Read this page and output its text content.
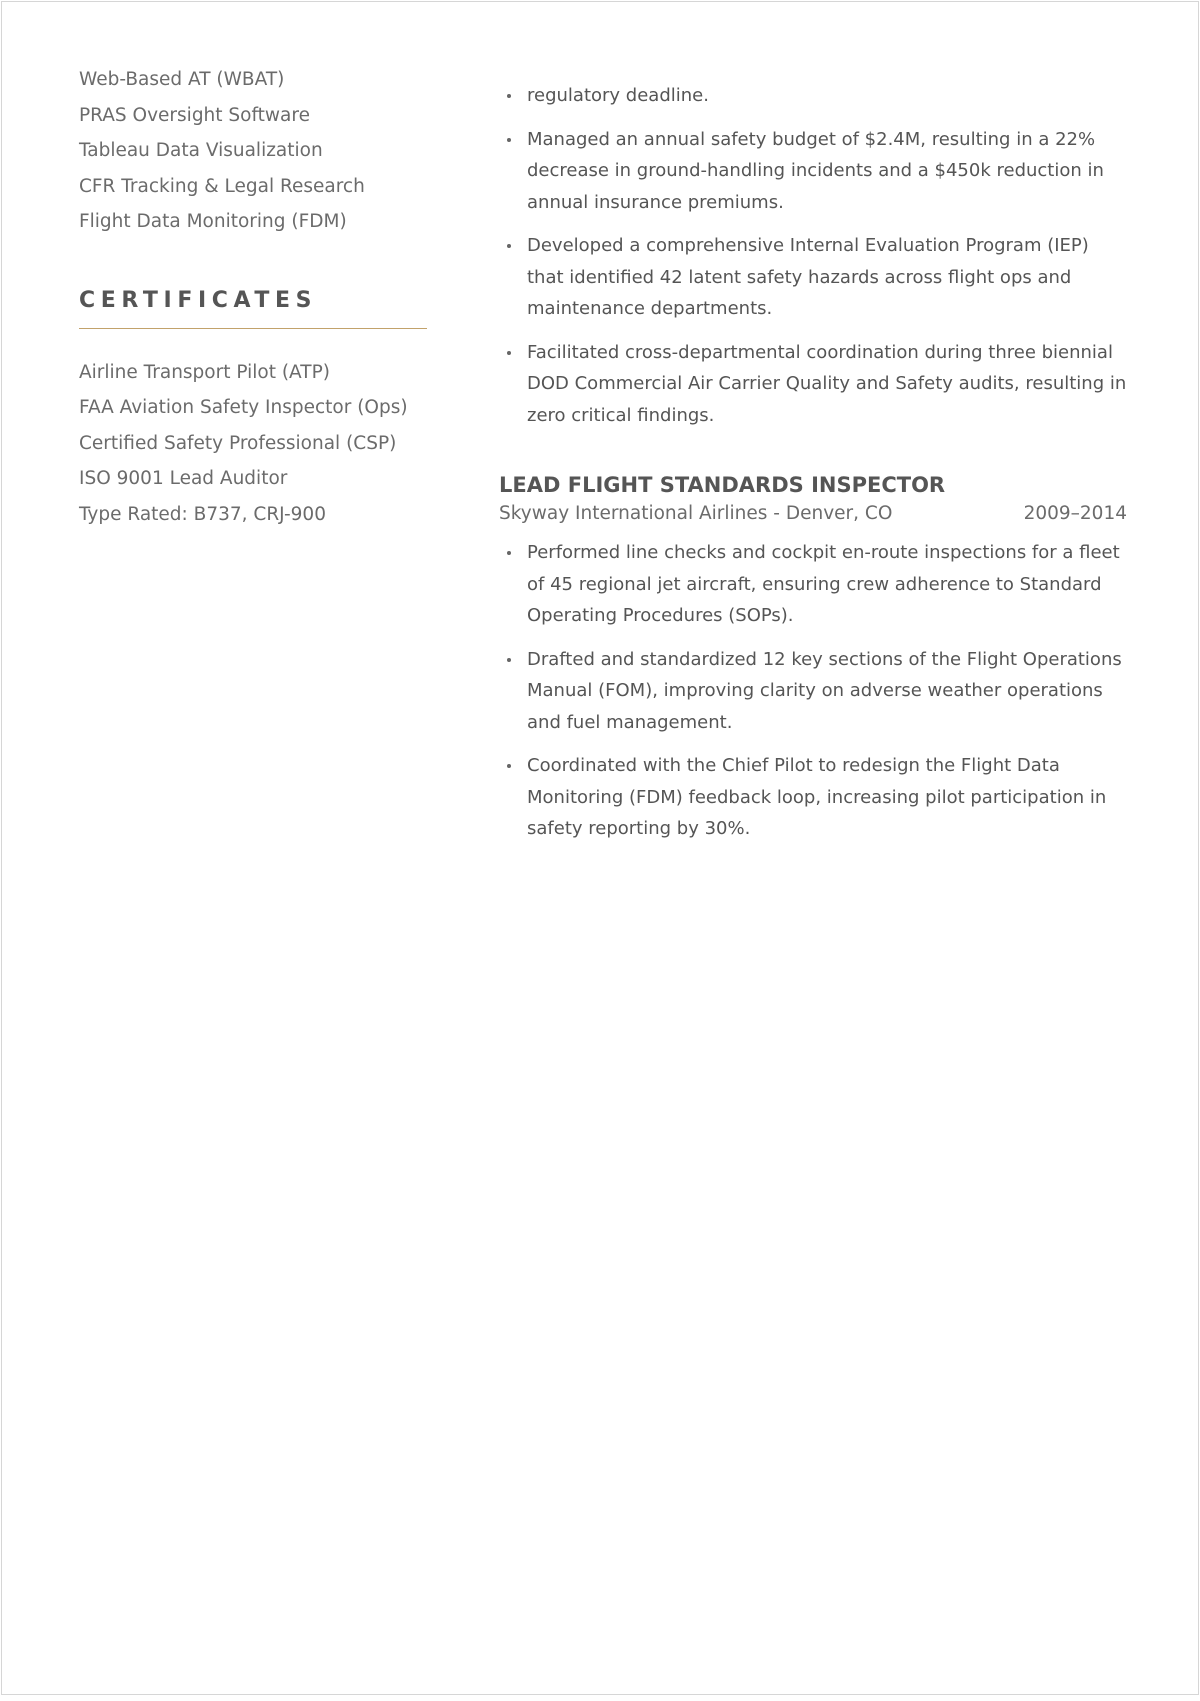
Web-Based AT (WBAT)
PRAS Oversight Software
Tableau Data Visualization
CFR Tracking & Legal Research
Flight Data Monitoring (FDM)
CERTIFICATES
Airline Transport Pilot (ATP)
FAA Aviation Safety Inspector (Ops)
Certified Safety Professional (CSP)
ISO 9001 Lead Auditor
Type Rated: B737, CRJ-900
regulatory deadline.
Managed an annual safety budget of $2.4M, resulting in a 22% decrease in ground-handling incidents and a $450k reduction in annual insurance premiums.
Developed a comprehensive Internal Evaluation Program (IEP) that identified 42 latent safety hazards across flight ops and maintenance departments.
Facilitated cross-departmental coordination during three biennial DOD Commercial Air Carrier Quality and Safety audits, resulting in zero critical findings.
LEAD FLIGHT STANDARDS INSPECTOR
Skyway International Airlines - Denver, CO	2009–2014
Performed line checks and cockpit en-route inspections for a fleet of 45 regional jet aircraft, ensuring crew adherence to Standard Operating Procedures (SOPs).
Drafted and standardized 12 key sections of the Flight Operations Manual (FOM), improving clarity on adverse weather operations and fuel management.
Coordinated with the Chief Pilot to redesign the Flight Data Monitoring (FDM) feedback loop, increasing pilot participation in safety reporting by 30%.
